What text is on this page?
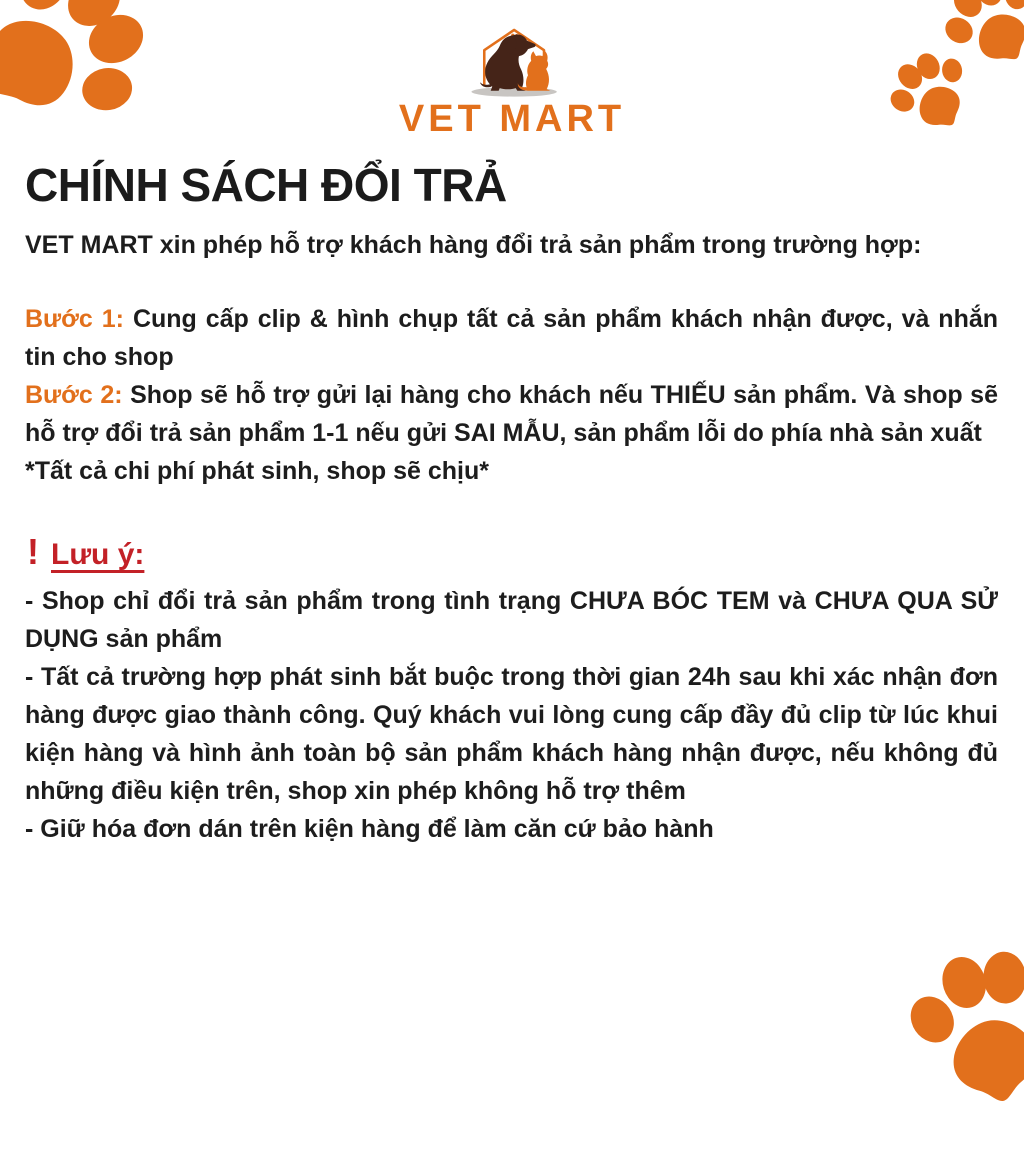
VET MART
CHÍNH SÁCH ĐỔI TRẢ

VET MART xin phép hỗ trợ khách hàng đổi trả sản phẩm trong trường hợp:

Bước 1: Cung cấp clip & hình chụp tất cả sản phẩm khách nhận được, và nhắn tin cho shop

Bước 2: Shop sẽ hỗ trợ gửi lại hàng cho khách nếu THIẾU sản phẩm. Và shop sẽ hỗ trợ đổi trả sản phẩm 1-1 nếu gửi SAI MẪU, sản phẩm lỗi do phía nhà sản xuất

*Tất cả chi phí phát sinh, shop sẽ chịu*

! Lưu ý:

- Shop chỉ đổi trả sản phẩm trong tình trạng CHƯA BÓC TEM và CHƯA QUA SỬ DỤNG sản phẩm

- Tất cả trường hợp phát sinh bắt buộc trong thời gian 24h sau khi xác nhận đơn hàng được giao thành công. Quý khách vui lòng cung cấp đầy đủ clip từ lúc khui kiện hàng và hình ảnh toàn bộ sản phẩm khách hàng nhận được, nếu không đủ những điều kiện trên, shop xin phép không hỗ trợ thêm

- Giữ hóa đơn dán trên kiện hàng để làm căn cứ bảo hành
